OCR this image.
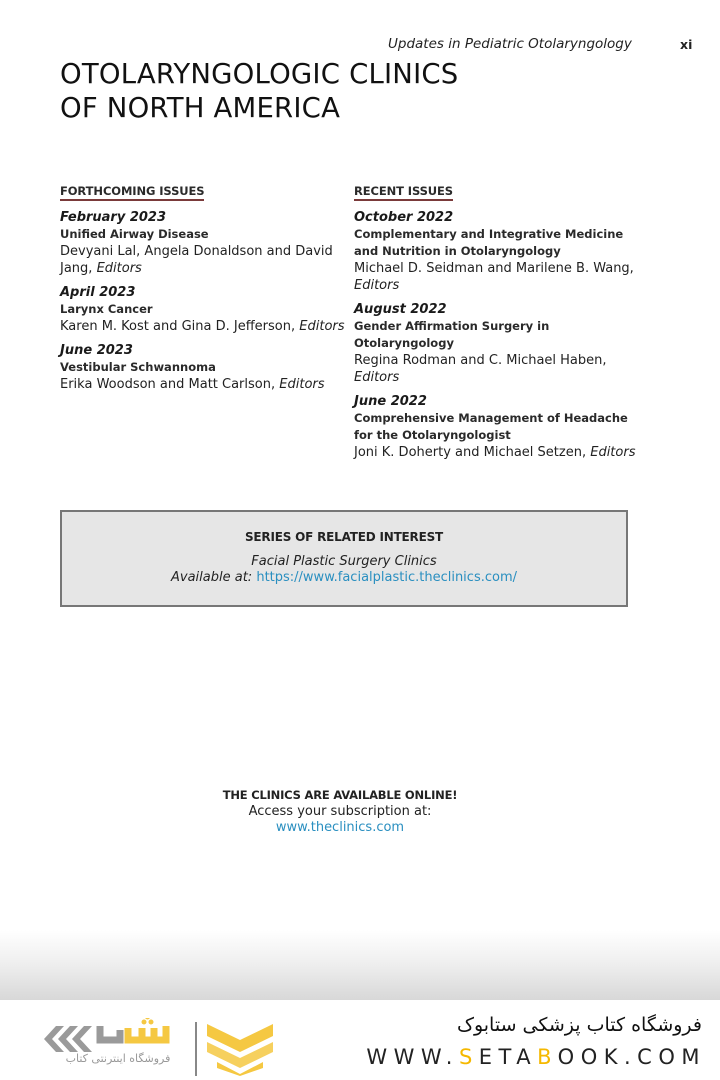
Updates in Pediatric Otolaryngology	xi
OTOLARYNGOLOGIC CLINICS
OF NORTH AMERICA
FORTHCOMING ISSUES
February 2023
Unified Airway Disease
Devyani Lal, Angela Donaldson and David Jang, Editors
April 2023
Larynx Cancer
Karen M. Kost and Gina D. Jefferson, Editors
June 2023
Vestibular Schwannoma
Erika Woodson and Matt Carlson, Editors
RECENT ISSUES
October 2022
Complementary and Integrative Medicine and Nutrition in Otolaryngology
Michael D. Seidman and Marilene B. Wang, Editors
August 2022
Gender Affirmation Surgery in Otolaryngology
Regina Rodman and C. Michael Haben, Editors
June 2022
Comprehensive Management of Headache for the Otolaryngologist
Joni K. Doherty and Michael Setzen, Editors
SERIES OF RELATED INTEREST
Facial Plastic Surgery Clinics
Available at: https://www.facialplastic.theclinics.com/
THE CLINICS ARE AVAILABLE ONLINE!
Access your subscription at:
www.theclinics.com
فروشگاه اینترنتی کتاب
فروشگاه کتاب پزشکی ستابوک
WWW.SETABOOK.COM
